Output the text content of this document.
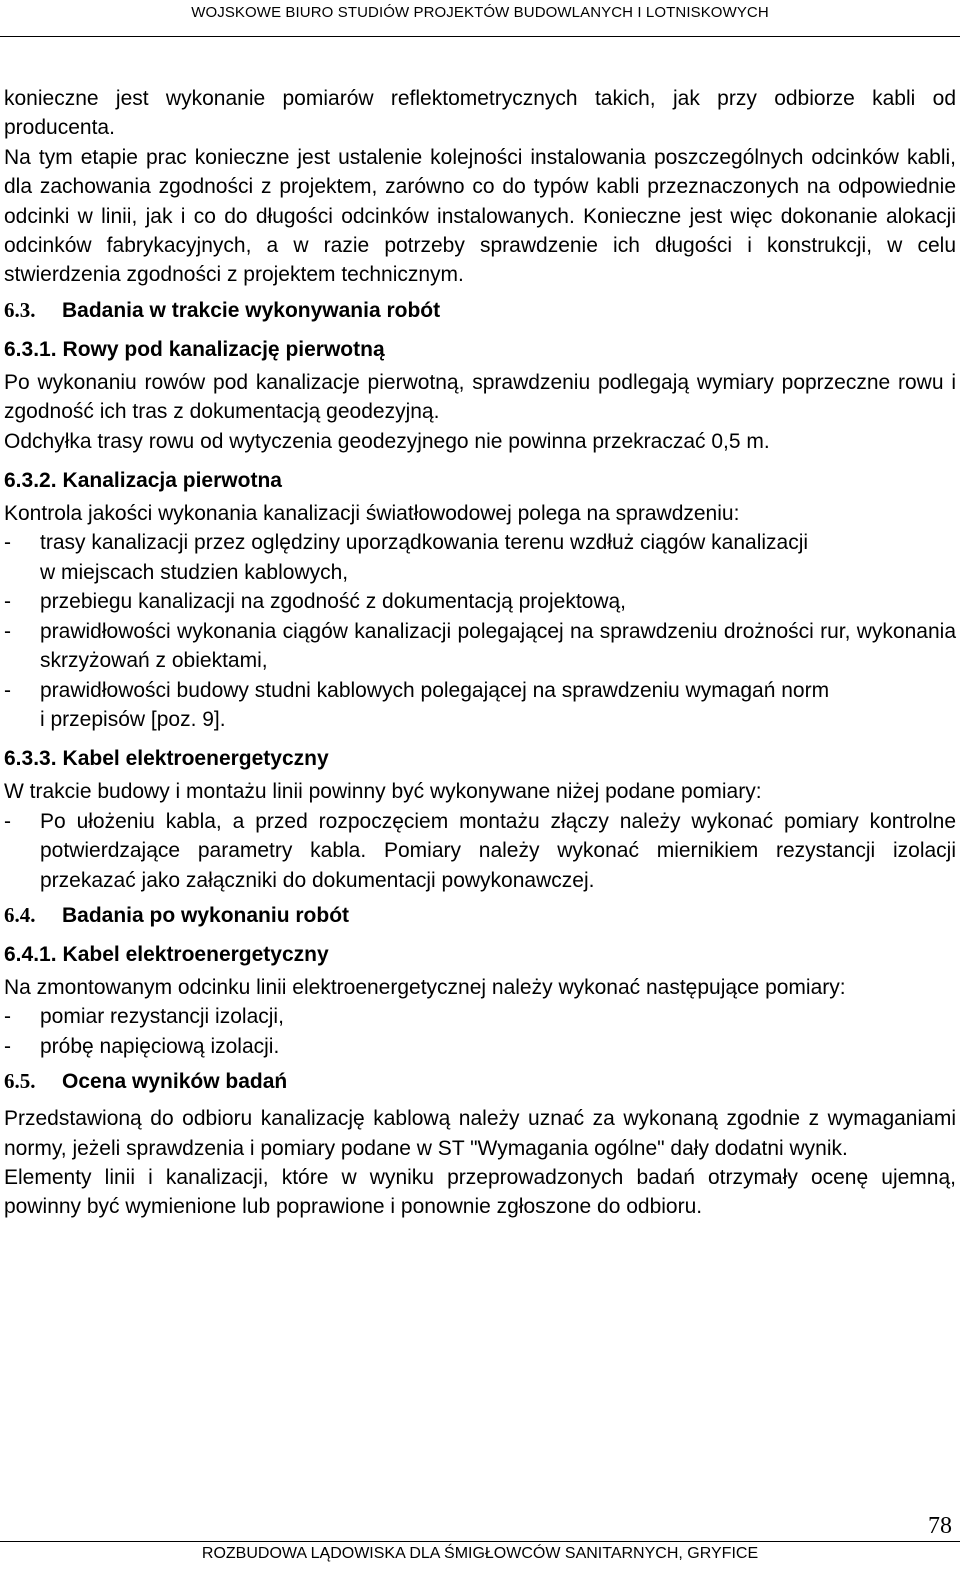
WOJSKOWE BIURO STUDIÓW PROJEKTÓW BUDOWLANYCH I LOTNISKOWYCH

konieczne jest wykonanie pomiarów reflektometrycznych takich, jak przy odbiorze kabli od producenta.

Na tym etapie prac konieczne jest ustalenie kolejności instalowania poszczególnych odcinków kabli, dla zachowania zgodności z projektem, zarówno co do typów kabli przeznaczonych na odpowiednie odcinki w linii, jak i co do długości odcinków instalowanych. Konieczne jest więc dokonanie alokacji odcinków fabrykacyjnych, a w razie potrzeby sprawdzenie ich długości i konstrukcji, w celu stwierdzenia zgodności z projektem technicznym.

6.3. Badania w trakcie wykonywania robót
6.3.1. Rowy pod kanalizację pierwotną

Po wykonaniu rowów pod kanalizacje pierwotną, sprawdzeniu podlegają wymiary poprzeczne rowu i zgodność ich tras z dokumentacją geodezyjną.

Odchyłka trasy rowu od wytyczenia geodezyjnego nie powinna przekraczać 0,5 m.

6.3.2. Kanalizacja pierwotna

Kontrola jakości wykonania kanalizacji światłowodowej polega na sprawdzeniu:

- trasy kanalizacji przez oględziny uporządkowania terenu wzdłuż ciągów kanalizacji
w miejscach studzien kablowych,
- przebiegu kanalizacji na zgodność z dokumentacją projektową,
- prawidłowości wykonania ciągów kanalizacji polegającej na sprawdzeniu drożności rur, wykonania skrzyżowań z obiektami,
- prawidłowości budowy studni kablowych polegającej na sprawdzeniu wymagań norm
i przepisów [poz. 9].
6.3.3. Kabel elektroenergetyczny

W trakcie budowy i montażu linii powinny być wykonywane niżej podane pomiary:

- Po ułożeniu kabla, a przed rozpoczęciem montażu złączy należy wykonać pomiary kontrolne potwierdzające parametry kabla. Pomiary należy wykonać miernikiem rezystancji izolacji przekazać jako załączniki do dokumentacji powykonawczej.
6.4. Badania po wykonaniu robót
6.4.1. Kabel elektroenergetyczny

Na zmontowanym odcinku linii elektroenergetycznej należy wykonać następujące pomiary:

- pomiar rezystancji izolacji,
- próbę napięciową izolacji.
6.5. Ocena wyników badań

Przedstawioną do odbioru kanalizację kablową należy uznać za wykonaną zgodnie z wymaganiami normy, jeżeli sprawdzenia i pomiary podane w ST "Wymagania ogólne" dały dodatni wynik.

Elementy linii i kanalizacji, które w wyniku przeprowadzonych badań otrzymały ocenę ujemną, powinny być wymienione lub poprawione i ponownie zgłoszone do odbioru.

78
ROZBUDOWA LĄDOWISKA DLA ŚMIGŁOWCÓW SANITARNYCH, GRYFICE
